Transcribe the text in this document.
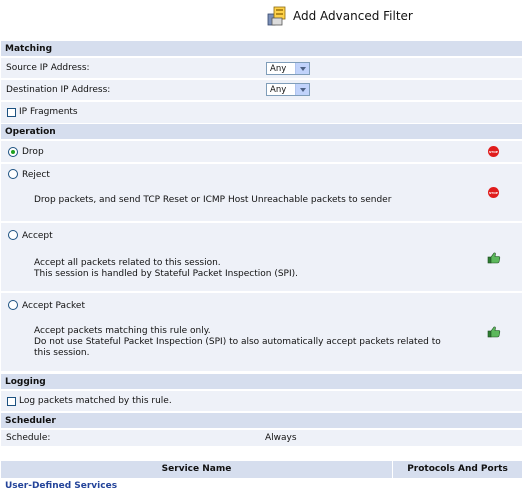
Add Advanced Filter
Matching
Source IP Address:	Any
Destination IP Address:	Any
IP Fragments
Operation
Drop	STOP
Reject
Drop packets, and send TCP Reset or ICMP Host Unreachable packets to sender
STOP
Accept
Accept all packets related to this session.
This session is handled by Stateful Packet Inspection (SPI).
Accept Packet
Accept packets matching this rule only.
Do not use Stateful Packet Inspection (SPI) to also automatically accept packets related to
this session.
Logging
Log packets matched by this rule.
Scheduler
Schedule:	Always
Service Name	Protocols And Ports
User-Defined Services
